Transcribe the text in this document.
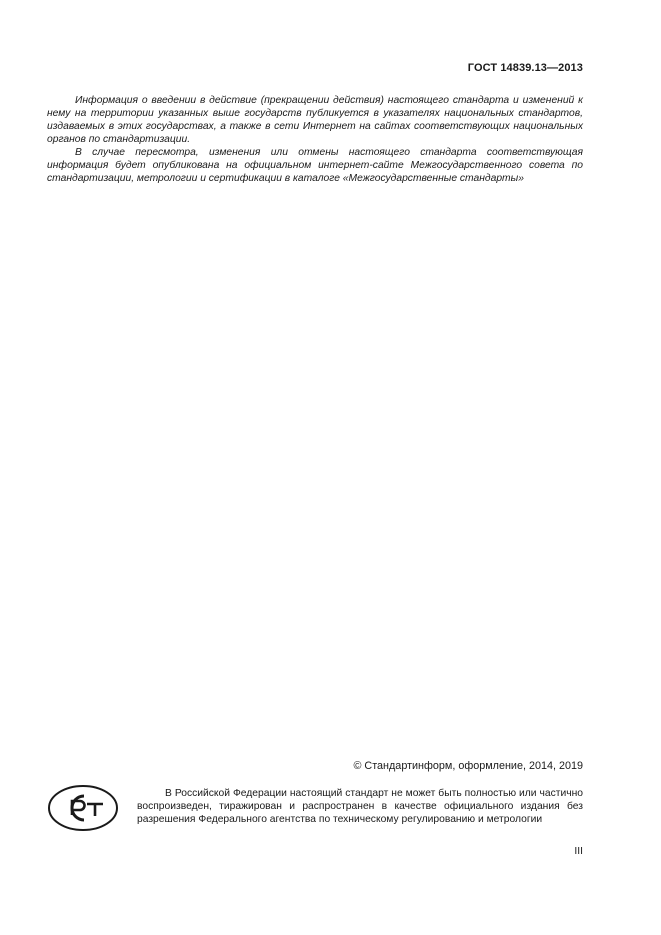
ГОСТ 14839.13—2013

Информация о введении в действие (прекращении действия) настоящего стандарта и изменений к нему на территории указанных выше государств публикуется в указателях национальных стандартов, издаваемых в этих государствах, а также в сети Интернет на сайтах соответствующих национальных органов по стандартизации.

В случае пересмотра, изменения или отмены настоящего стандарта соответствующая информация будет опубликована на официальном интернет-сайте Межгосударственного совета по стандартизации, метрологии и сертификации в каталоге «Межгосударственные стандарты»

© Стандартинформ, оформление, 2014, 2019

В Российской Федерации настоящий стандарт не может быть полностью или частично воспроизведен, тиражирован и распространен в качестве официального издания без разрешения Федерального агентства по техническому регулированию и метрологии

III
